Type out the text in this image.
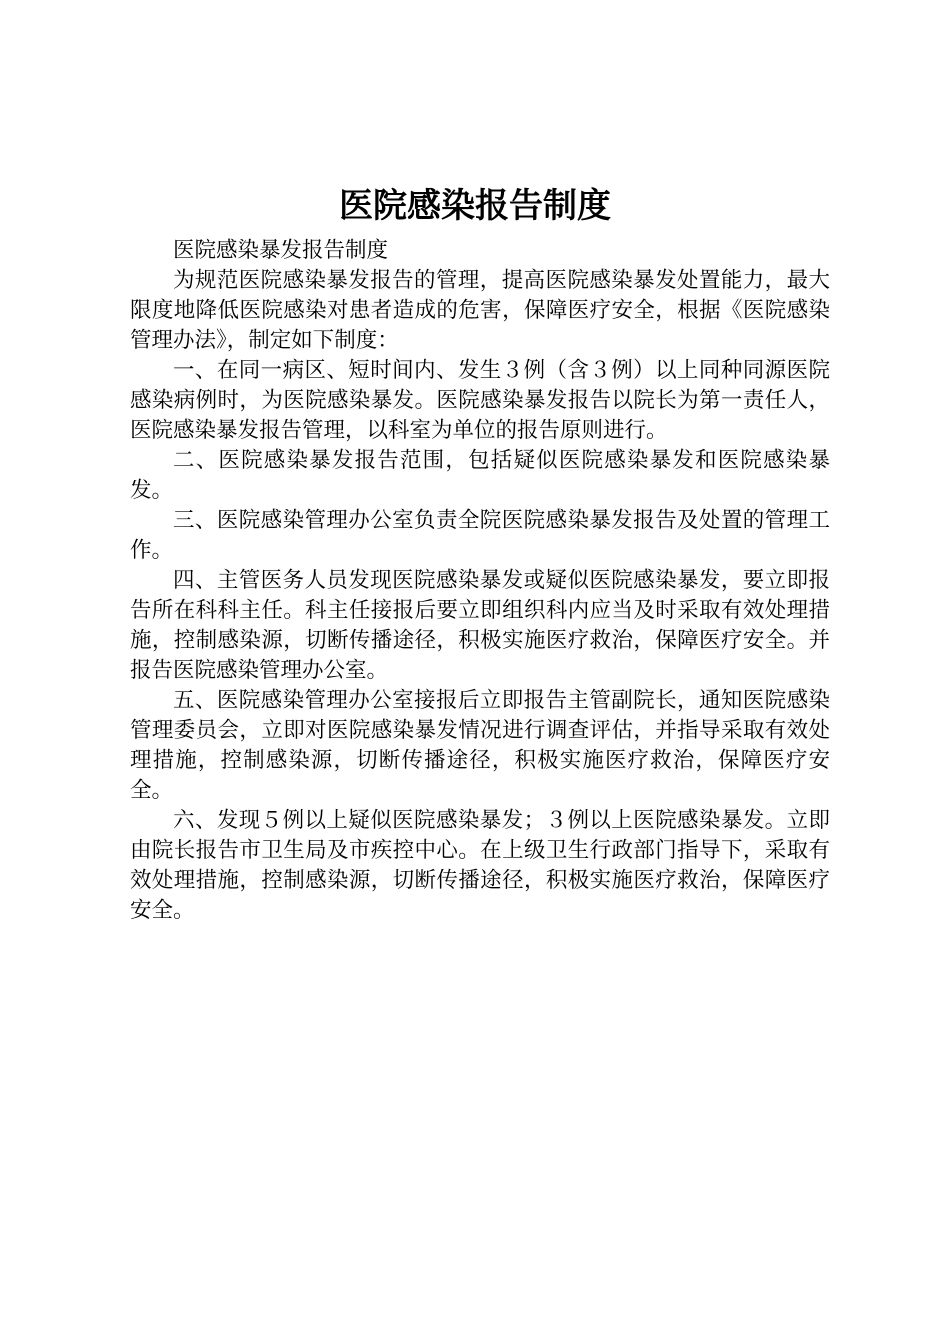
医院感染报告制度

医院感染暴发报告制度

为规范医院感染暴发报告的管理，提高医院感染暴发处置能力，最大限度地降低医院感染对患者造成的危害，保障医疗安全，根据《医院感染管理办法》，制定如下制度：

一、在同一病区、短时间内、发生３例（含３例）以上同种同源医院感染病例时，为医院感染暴发。医院感染暴发报告以院长为第一责任人，医院感染暴发报告管理，以科室为单位的报告原则进行。

二、医院感染暴发报告范围，包括疑似医院感染暴发和医院感染暴发。

三、医院感染管理办公室负责全院医院感染暴发报告及处置的管理工作。

四、主管医务人员发现医院感染暴发或疑似医院感染暴发，要立即报告所在科科主任。科主任接报后要立即组织科内应当及时采取有效处理措施，控制感染源，切断传播途径，积极实施医疗救治，保障医疗安全。并报告医院感染管理办公室。

五、医院感染管理办公室接报后立即报告主管副院长，通知医院感染管理委员会，立即对医院感染暴发情况进行调查评估，并指导采取有效处理措施，控制感染源，切断传播途径，积极实施医疗救治，保障医疗安全。

六、发现５例以上疑似医院感染暴发；３例以上医院感染暴发。立即由院长报告市卫生局及市疾控中心。在上级卫生行政部门指导下，采取有效处理措施，控制感染源，切断传播途径，积极实施医疗救治，保障医疗安全。
